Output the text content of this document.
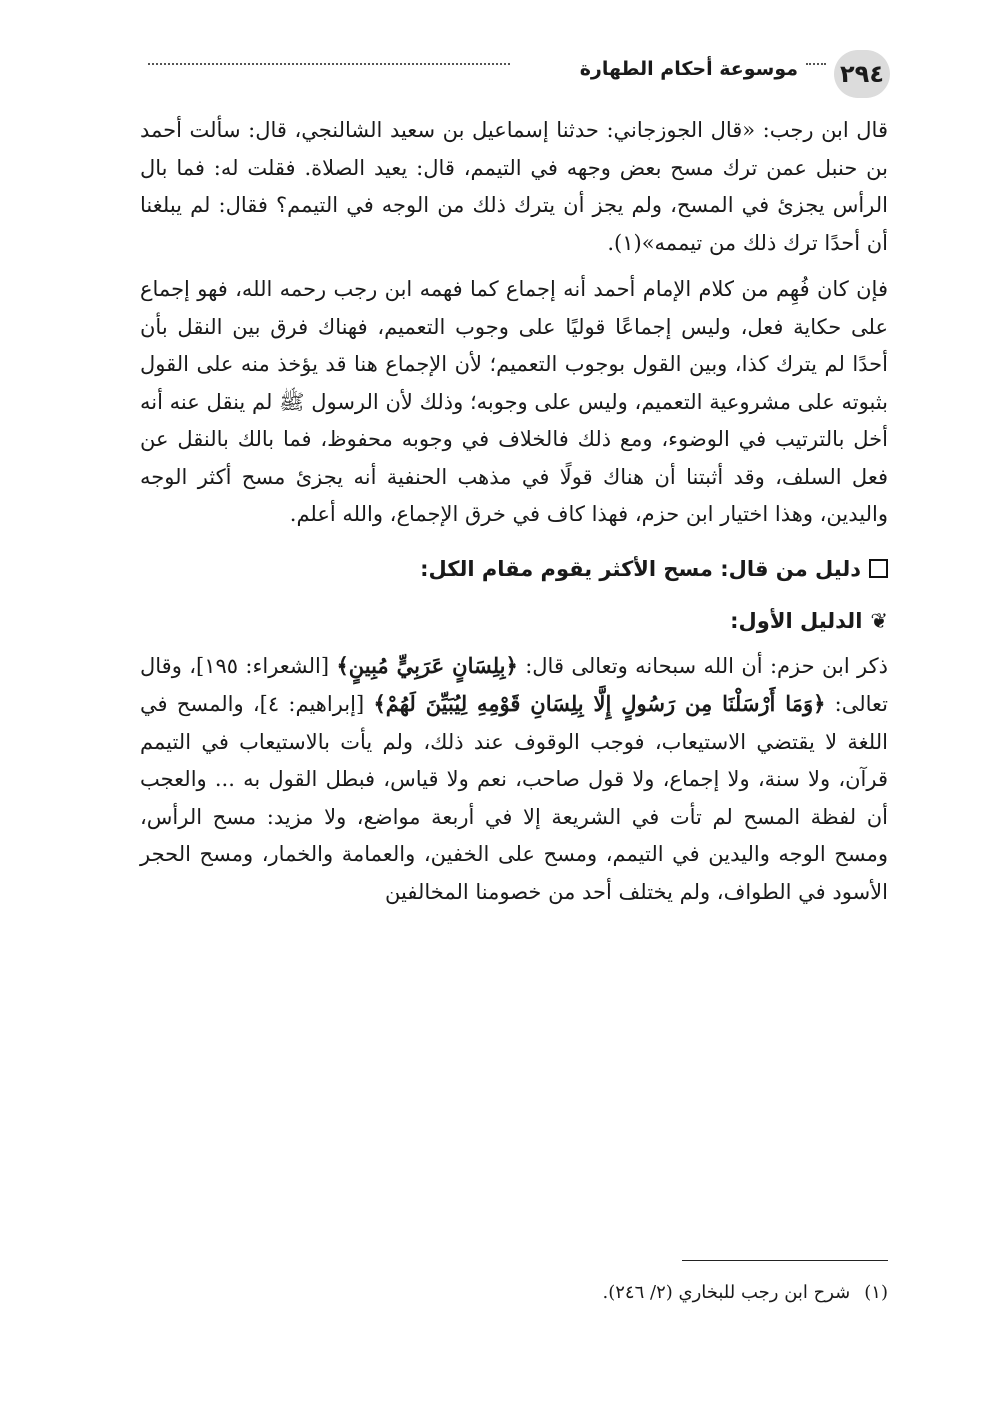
٢٩٤
موسوعة أحكام الطهارة

قال ابن رجب: «قال الجوزجاني: حدثنا إسماعيل بن سعيد الشالنجي، قال: سألت أحمد بن حنبل عمن ترك مسح بعض وجهه في التيمم، قال: يعيد الصلاة. فقلت له: فما بال الرأس يجزئ في المسح، ولم يجز أن يترك ذلك من الوجه في التيمم؟ فقال: لم يبلغنا أن أحدًا ترك ذلك من تيممه»(١).

فإن كان فُهِم من كلام الإمام أحمد أنه إجماع كما فهمه ابن رجب رحمه الله، فهو إجماع على حكاية فعل، وليس إجماعًا قوليًا على وجوب التعميم، فهناك فرق بين النقل بأن أحدًا لم يترك كذا، وبين القول بوجوب التعميم؛ لأن الإجماع هنا قد يؤخذ منه على القول بثبوته على مشروعية التعميم، وليس على وجوبه؛ وذلك لأن الرسول ﷺ لم ينقل عنه أنه أخل بالترتيب في الوضوء، ومع ذلك فالخلاف في وجوبه محفوظ، فما بالك بالنقل عن فعل السلف، وقد أثبتنا أن هناك قولًا في مذهب الحنفية أنه يجزئ مسح أكثر الوجه واليدين، وهذا اختيار ابن حزم، فهذا كاف في خرق الإجماع، والله أعلم.

دليل من قال: مسح الأكثر يقوم مقام الكل:

❦الدليل الأول:

ذكر ابن حزم: أن الله سبحانه وتعالى قال: ﴿بِلِسَانٍ عَرَبِيٍّ مُبِينٍ﴾ [الشعراء: ١٩٥]، وقال تعالى: ﴿وَمَا أَرْسَلْنَا مِن رَسُولٍ إِلَّا بِلِسَانِ قَوْمِهِ لِيُبَيِّنَ لَهُمْ﴾ [إبراهيم: ٤]، والمسح في اللغة لا يقتضي الاستيعاب، فوجب الوقوف عند ذلك، ولم يأت بالاستيعاب في التيمم قرآن، ولا سنة، ولا إجماع، ولا قول صاحب، نعم ولا قياس، فبطل القول به ... والعجب أن لفظة المسح لم تأت في الشريعة إلا في أربعة مواضع، ولا مزيد: مسح الرأس، ومسح الوجه واليدين في التيمم، ومسح على الخفين، والعمامة والخمار، ومسح الحجر الأسود في الطواف، ولم يختلف أحد من خصومنا المخالفين

(١)شرح ابن رجب للبخاري (٢/ ٢٤٦).
